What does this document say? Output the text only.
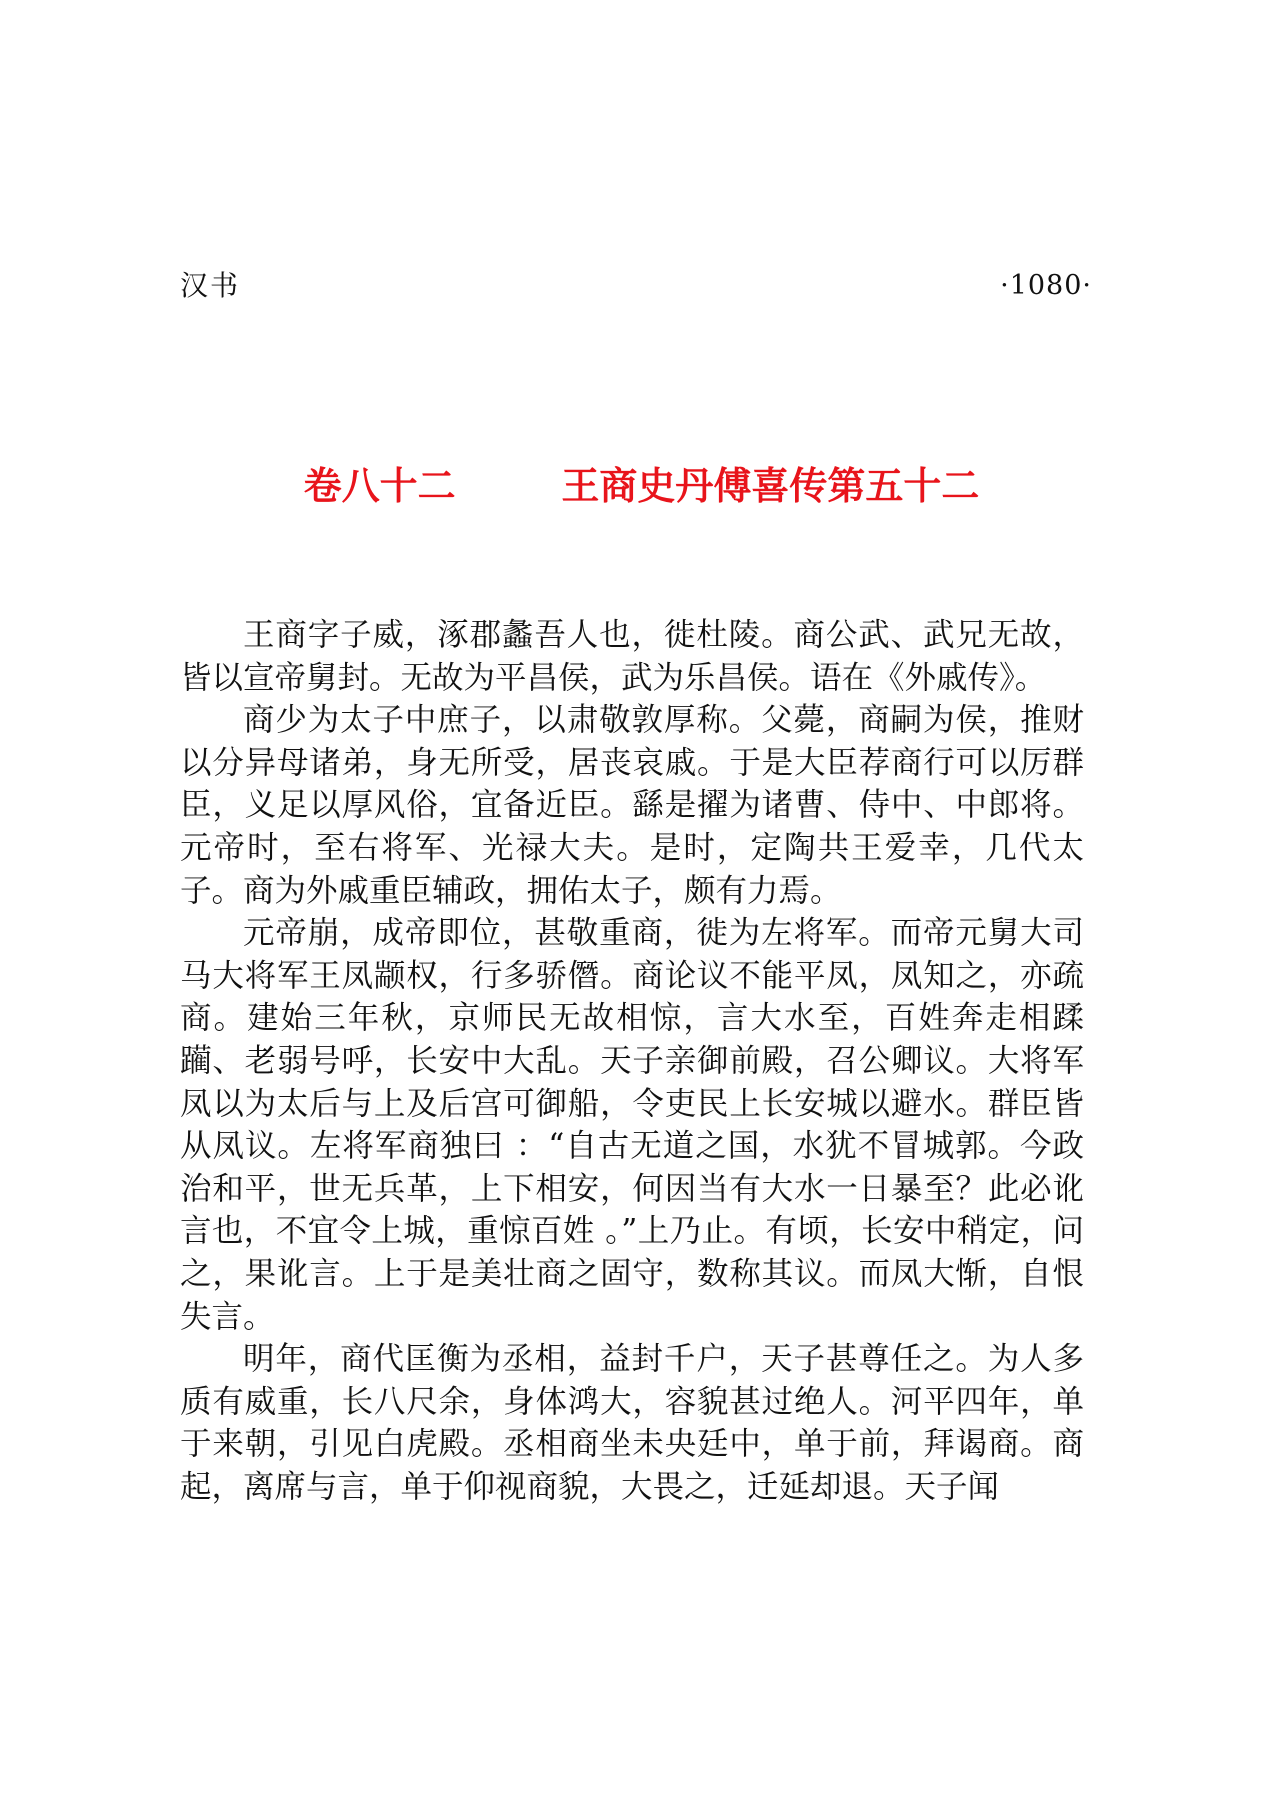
汉书	·1080·
卷八十二	王商史丹傅喜传第五十二

王商字子威，涿郡蠡吾人也，徙杜陵。商公武、武兄无故，皆以宣帝舅封。无故为平昌侯，武为乐昌侯。语在《外戚传》。

商少为太子中庶子，以肃敬敦厚称。父薨，商嗣为侯，推财以分异母诸弟，身无所受，居丧哀戚。于是大臣荐商行可以厉群臣，义足以厚风俗，宜备近臣。繇是擢为诸曹、侍中、中郎将。元帝时，至右将军、光禄大夫。是时，定陶共王爱幸，几代太子。商为外戚重臣辅政，拥佑太子，颇有力焉。

元帝崩，成帝即位，甚敬重商，徙为左将军。而帝元舅大司马大将军王凤颛权，行多骄僭。商论议不能平凤，凤知之，亦疏商。建始三年秋，京师民无故相惊，言大水至，百姓奔走相蹂躏、老弱号呼，长安中大乱。天子亲御前殿，召公卿议。大将军凤以为太后与上及后宫可御船，令吏民上长安城以避水。群臣皆从凤议。左将军商独曰 ：“自古无道之国，水犹不冒城郭。今政治和平，世无兵革，上下相安，何因当有大水一日暴至？此必讹言也，不宜令上城，重惊百姓 。”上乃止。有顷，长安中稍定，问之，果讹言。上于是美壮商之固守，数称其议。而凤大惭，自恨失言。

明年，商代匡衡为丞相，益封千户，天子甚尊任之。为人多质有威重，长八尺余，身体鸿大，容貌甚过绝人。河平四年，单于来朝，引见白虎殿。丞相商坐未央廷中，单于前，拜谒商。商起，离席与言，单于仰视商貌，大畏之，迁延却退。天子闻
